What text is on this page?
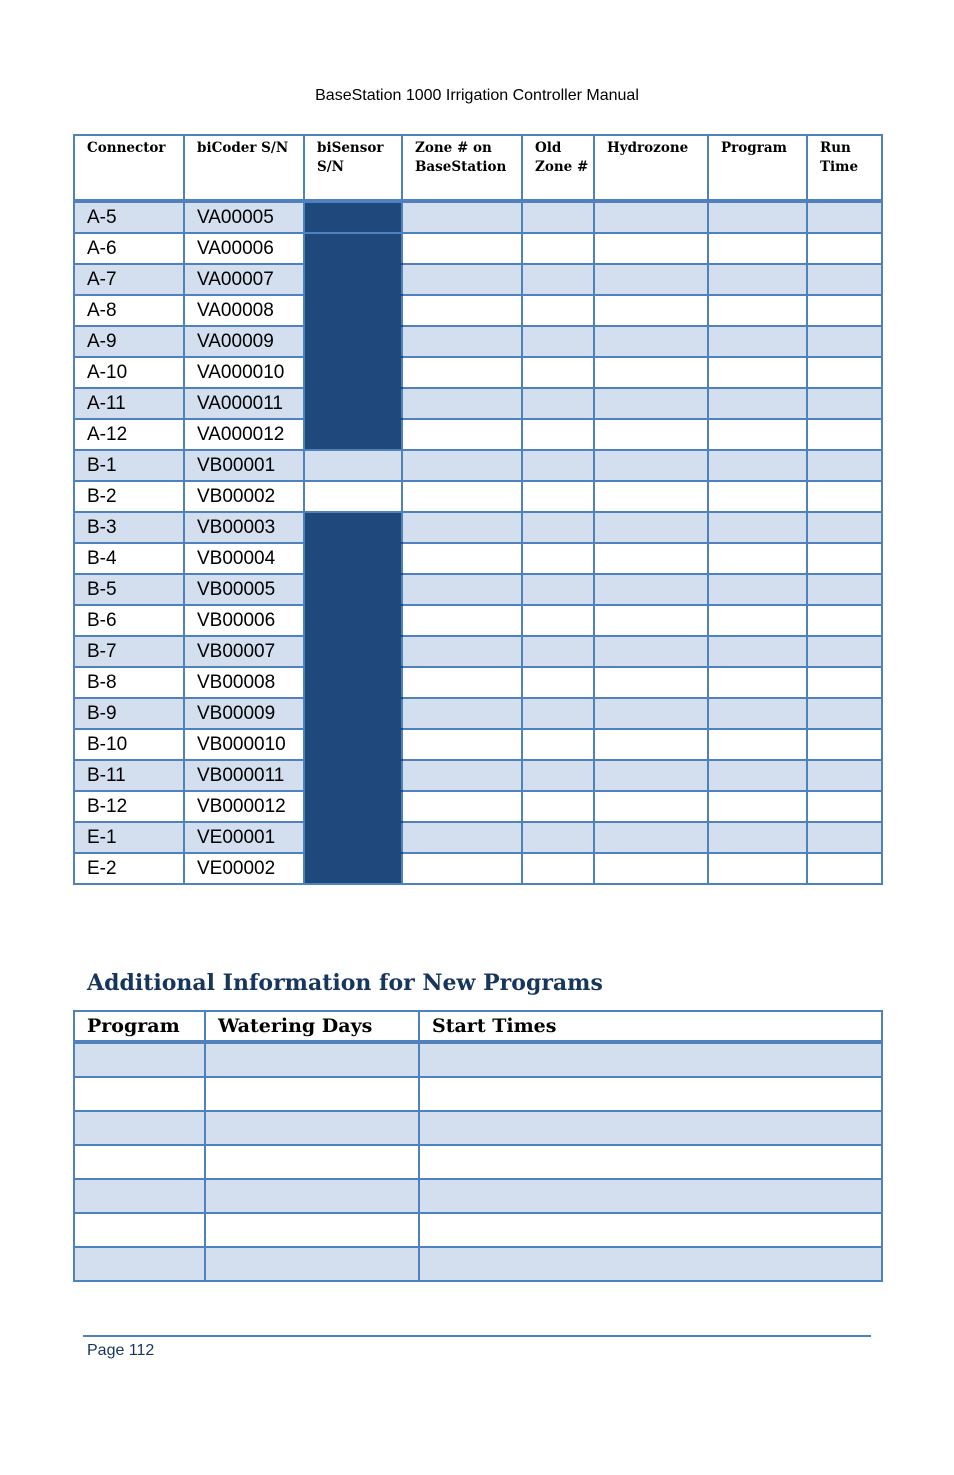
BaseStation 1000 Irrigation Controller Manual
Connector	biCoder S/N	biSensor S/N	Zone # on BaseStation	Old Zone #	Hydrozone	Program	Run Time
A-5	VA00005						
A-6	VA00006						
A-7	VA00007						
A-8	VA00008						
A-9	VA00009						
A-10	VA000010						
A-11	VA000011						
A-12	VA000012						
B-1	VB00001						
B-2	VB00002						
B-3	VB00003						
B-4	VB00004						
B-5	VB00005						
B-6	VB00006						
B-7	VB00007						
B-8	VB00008						
B-9	VB00009						
B-10	VB000010						
B-11	VB000011						
B-12	VB000012						
E-1	VE00001						
E-2	VE00002						
Additional Information for New Programs
Program	Watering Days	Start Times

Page 112
